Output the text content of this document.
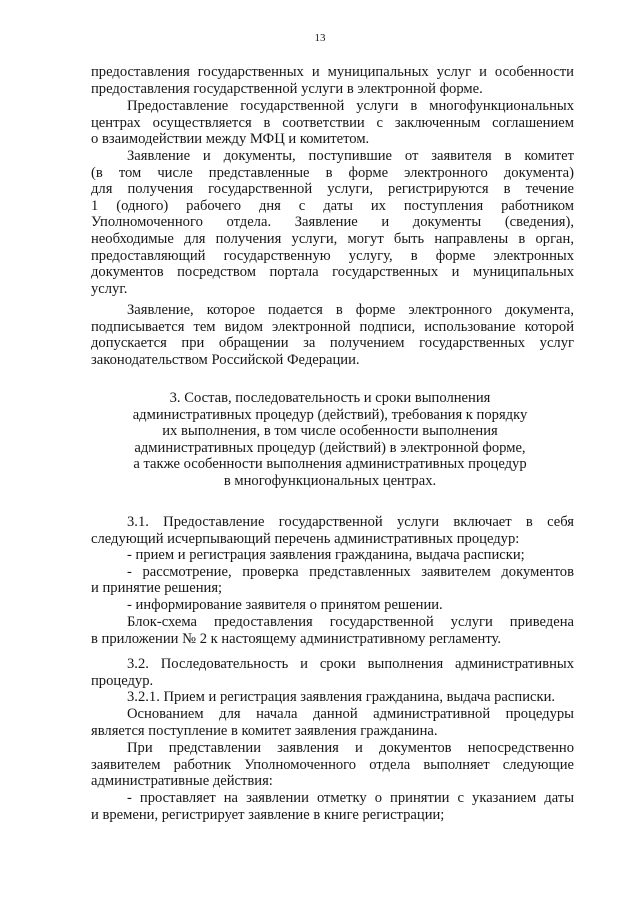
13
предоставления государственных и муниципальных услуг и особенности
предоставления государственной услуги в электронной форме.
Предоставление государственной услуги в многофункциональных
центрах осуществляется в соответствии с заключенным соглашением
о взаимодействии между МФЦ и комитетом.
Заявление и документы, поступившие от заявителя в комитет
(в том числе представленные в форме электронного документа)
для получения государственной услуги, регистрируются в течение
1 (одного) рабочего дня с даты их поступления работником
Уполномоченного отдела. Заявление и документы (сведения),
необходимые для получения услуги, могут быть направлены в орган,
предоставляющий государственную услугу, в форме электронных
документов посредством портала государственных и муниципальных
услуг.
Заявление, которое подается в форме электронного документа,
подписывается тем видом электронной подписи, использование которой
допускается при обращении за получением государственных услуг
законодательством Российской Федерации.
3. Состав, последовательность и сроки выполнения
административных процедур (действий), требования к порядку
их выполнения, в том числе особенности выполнения
административных процедур (действий) в электронной форме,
а также особенности выполнения административных процедур
в многофункциональных центрах.
3.1. Предоставление государственной услуги включает в себя
следующий исчерпывающий перечень административных процедур:
- прием и регистрация заявления гражданина, выдача расписки;
- рассмотрение, проверка представленных заявителем документов
и принятие решения;
- информирование заявителя о принятом решении.
Блок-схема предоставления государственной услуги приведена
в приложении № 2 к настоящему административному регламенту.
3.2. Последовательность и сроки выполнения административных
процедур.
3.2.1. Прием и регистрация заявления гражданина, выдача расписки.
Основанием для начала данной административной процедуры
является поступление в комитет заявления гражданина.
При представлении заявления и документов непосредственно
заявителем работник Уполномоченного отдела выполняет следующие
административные действия:
- проставляет на заявлении отметку о принятии с указанием даты
и времени, регистрирует заявление в книге регистрации;
